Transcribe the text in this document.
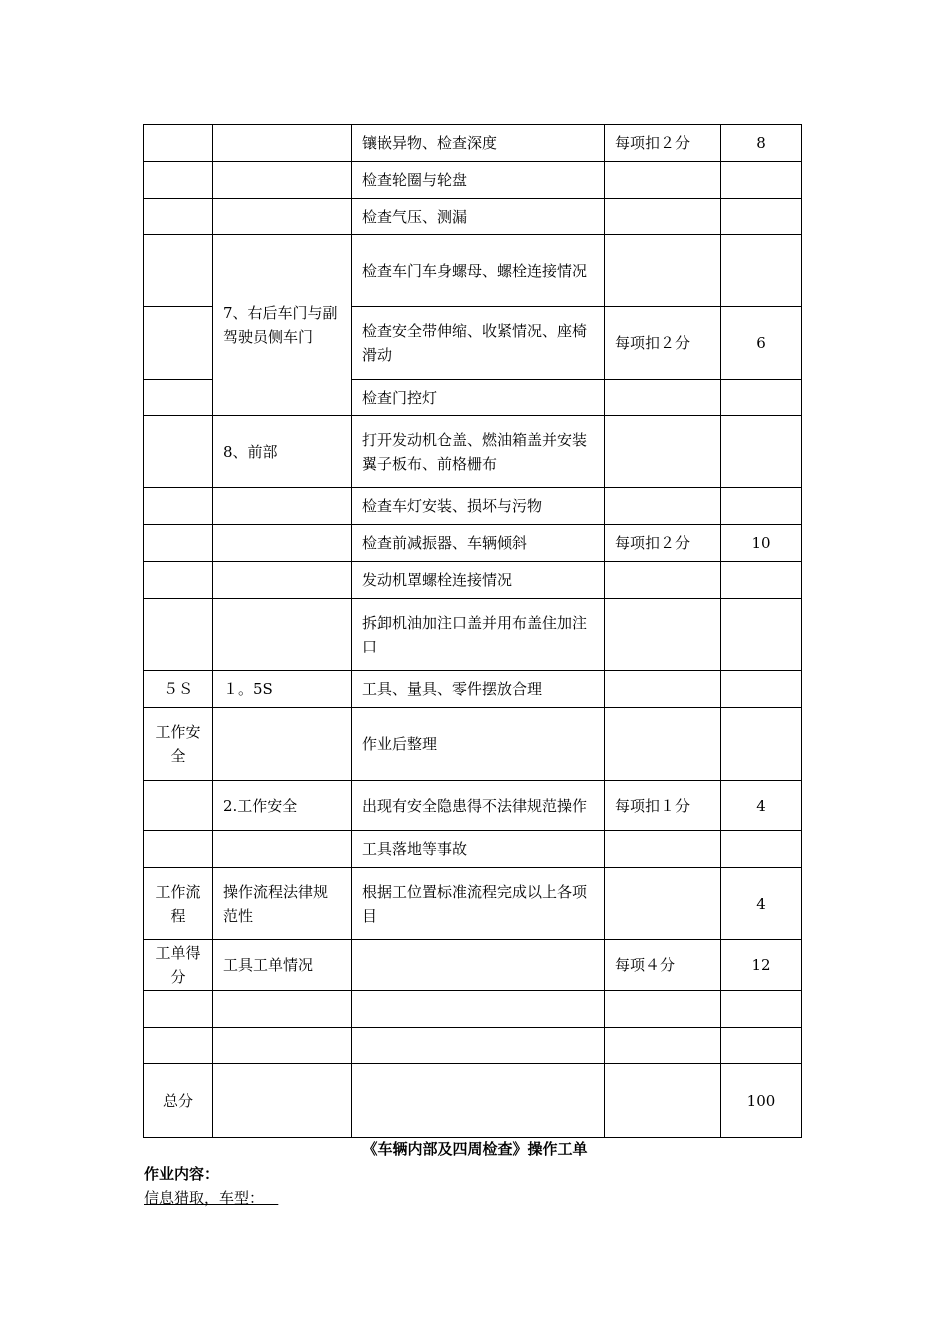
		镶嵌异物、检查深度	每项扣２分	8
		检查轮圈与轮盘		
		检查气压、测漏		
	7、右后车门与副驾驶员侧车门	检查车门车身螺母、螺栓连接情况		
		检查安全带伸缩、收紧情况、座椅滑动	每项扣２分	6
		检查门控灯		
	8、前部	打开发动机仓盖、燃油箱盖并安装翼子板布、前格栅布		
		检查车灯安装、损坏与污物		
		检查前减振器、车辆倾斜	每项扣２分	10
		发动机罩螺栓连接情况		
		拆卸机油加注口盖并用布盖住加注口		
５Ｓ	１。5S	工具、量具、零件摆放合理		
工作安全		作业后整理		
	2.工作安全	出现有安全隐患得不法律规范操作	每项扣１分	4
		工具落地等事故		
工作流程	操作流程法律规范性	根据工位置标准流程完成以上各项目		4
工单得分	工具工单情况		每项４分	12

总分				100
《车辆内部及四周检查》操作工单
作业内容：
信息猎取，车型：
